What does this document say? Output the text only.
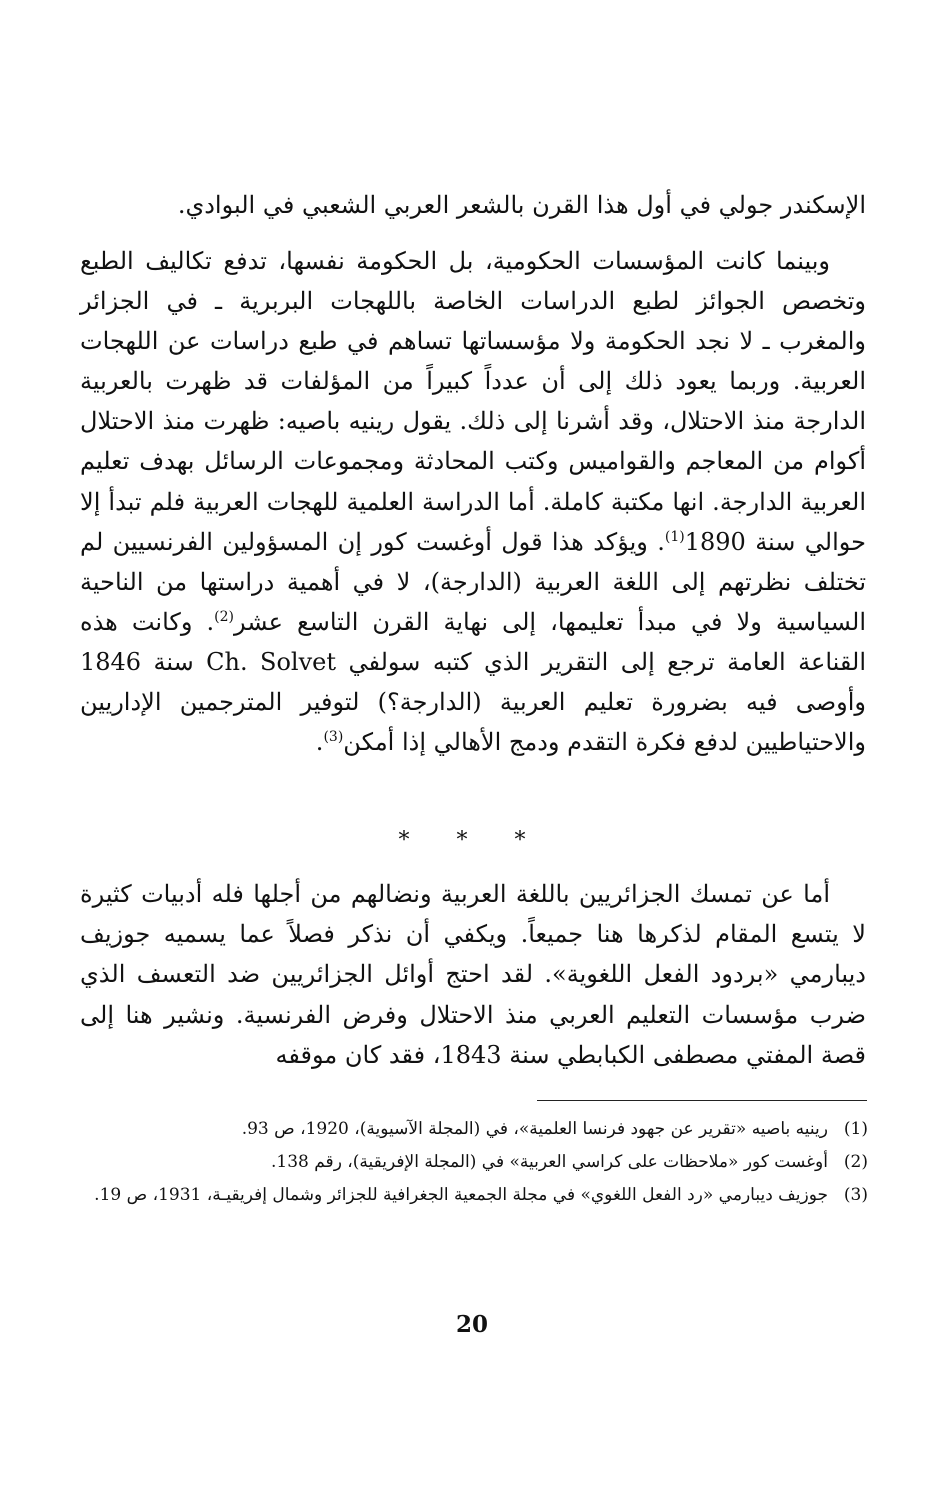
الإسكندر جولي في أول هذا القرن بالشعر العربي الشعبي في البوادي.
وبينما كانت المؤسسات الحكومية، بل الحكومة نفسها، تدفع تكاليف الطبع وتخصص الجوائز لطبع الدراسات الخاصة باللهجات البربرية ـ في الجزائر والمغرب ـ لا نجد الحكومة ولا مؤسساتها تساهم في طبع دراسات عن اللهجات العربية. وربما يعود ذلك إلى أن عدداً كبيراً من المؤلفات قد ظهرت بالعربية الدارجة منذ الاحتلال، وقد أشرنا إلى ذلك. يقول رينيه باصيه: ظهرت منذ الاحتلال أكوام من المعاجم والقواميس وكتب المحادثة ومجموعات الرسائل بهدف تعليم العربية الدارجة. انها مكتبة كاملة. أما الدراسة العلمية للهجات العربية فلم تبدأ إلا حوالي سنة 1890$^{(1)}$. ويؤكد هذا قول أوغست كور إن المسؤولين الفرنسيين لم تختلف نظرتهم إلى اللغة العربية (الدارجة)، لا في أهمية دراستها من الناحية السياسية ولا في مبدأ تعليمها، إلى نهاية القرن التاسع عشر$^{(2)}$. وكانت هذه القناعة العامة ترجع إلى التقرير الذي كتبه سولفي Ch. Solvet سنة 1846 وأوصى فيه بضرورة تعليم العربية (الدارجة؟) لتوفير المترجمين الإداريين والاحتياطيين لدفع فكرة التقدم ودمج الأهالي إذا أمكن$^{(3)}$.
* * *
أما عن تمسك الجزائريين باللغة العربية ونضالهم من أجلها فله أدبيات كثيرة لا يتسع المقام لذكرها هنا جميعاً. ويكفي أن نذكر فصلاً عما يسميه جوزيف ديبارمي «بردود الفعل اللغوية». لقد احتج أوائل الجزائريين ضد التعسف الذي ضرب مؤسسات التعليم العربي منذ الاحتلال وفرض الفرنسية. ونشير هنا إلى قصة المفتي مصطفى الكبابطي سنة 1843، فقد كان موقفه
(1)
رينيه باصيه «تقرير عن جهود فرنسا العلمية»، في (المجلة الآسيوية)، 1920، ص 93.
(2)
أوغست كور «ملاحظات على كراسي العربية» في (المجلة الإفريقية)، رقم 138.
(3)
جوزيف ديبارمي «رد الفعل اللغوي» في مجلة الجمعية الجغرافية للجزائر وشمال إفريقيـة، 1931، ص 19.
20
